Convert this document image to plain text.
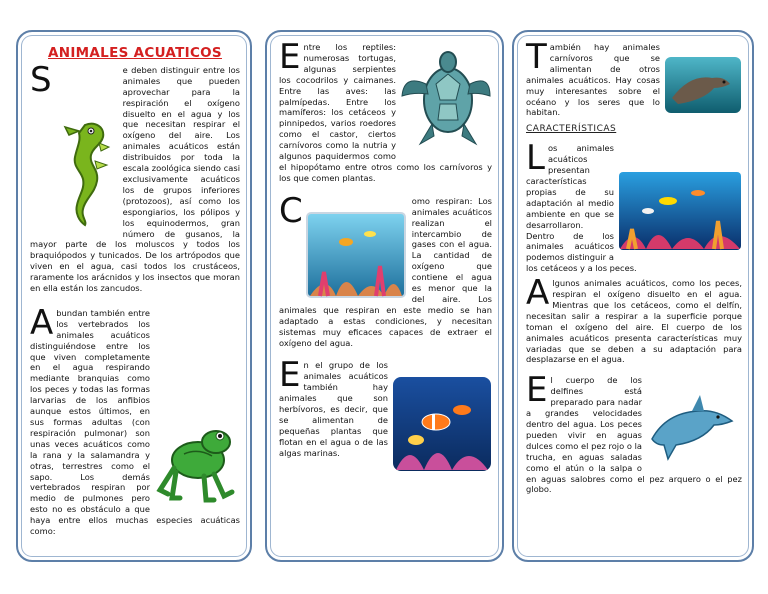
ANIMALES ACUATICOS

S	e deben distinguir entre los animales que pueden aprovechar para la respiración el oxígeno disuelto en el agua y los que necesitan respirar el oxígeno del aire. Los animales acuáticos están distribuidos por toda la escala zoológica siendo casi exclusivamente acuáticos los de grupos inferiores (protozoos), así como los espongiarios, los pólipos y los equinodermos, gran número de gusanos, la mayor parte de los moluscos y todos los braquiópodos y tunicados. De los artrópodos que viven en el agua, casi todos los crustáceos, raramente los arácnidos y los insectos que moran en ella están los zancudos.

A bundan también entre los vertebrados los animales acuáticos distinguiéndose entre los que viven completamente en el agua respirando mediante branquias como los peces y todas las formas larvarias de los anfibios aunque estos últimos, en sus formas adultas (con respiración pulmonar) son unas veces acuáticos como la rana y la salamandra y otras, terrestres como el sapo. Los demás vertebrados respiran por medio de pulmones pero esto no es obstáculo a que haya entre ellos muchas especies acuáticas como:

E ntre los reptiles: numerosas tortugas, algunas serpientes los cocodrilos y caimanes. Entre las aves: las palmípedas. Entre los mamíferos: los cetáceos y pinnipedos, varios roedores como el castor, ciertos carnívoros como la nutria y algunos paquidermos como el hipopótamo entre otros como los carnívoros y los que comen plantas.

C	omo respiran: Los animales acuáticos realizan el intercambio de gases con el agua. La cantidad de oxígeno que contiene el agua es menor que la del aire. Los animales que respiran en este medio se han adaptado a estas condiciones, y necesitan sistemas muy eficaces capaces de extraer el oxígeno del agua.

E n el grupo de los animales acuáticos también hay animales que son herbívoros, es decir, que se alimentan de pequeñas plantas que flotan en el agua o de las algas marinas.

T ambién hay animales carnívoros que se alimentan de otros animales acuáticos. Hay cosas muy interesantes sobre el océano y los seres que lo habitan.

CARACTERÍSTICAS

L os animales acuáticos presentan características propias de su adaptación al medio ambiente en que se desarrollaron. Dentro de los animales acuáticos podemos distinguir a los cetáceos y a los peces.

A lgunos animales acuáticos, como los peces, respiran el oxígeno disuelto en el agua. Mientras que los cetáceos, como el delfín, necesitan salir a respirar a la superficie porque toman el oxígeno del aire. El cuerpo de los animales acuáticos presenta características muy variadas que se deben a su adaptación para desplazarse en el agua.

E l cuerpo de los delfines está preparado para nadar a grandes velocidades dentro del agua. Los peces pueden vivir en aguas dulces como el pez rojo o la trucha, en aguas saladas como el atún o la salpa o en aguas salobres como el pez arquero o el pez globo.
